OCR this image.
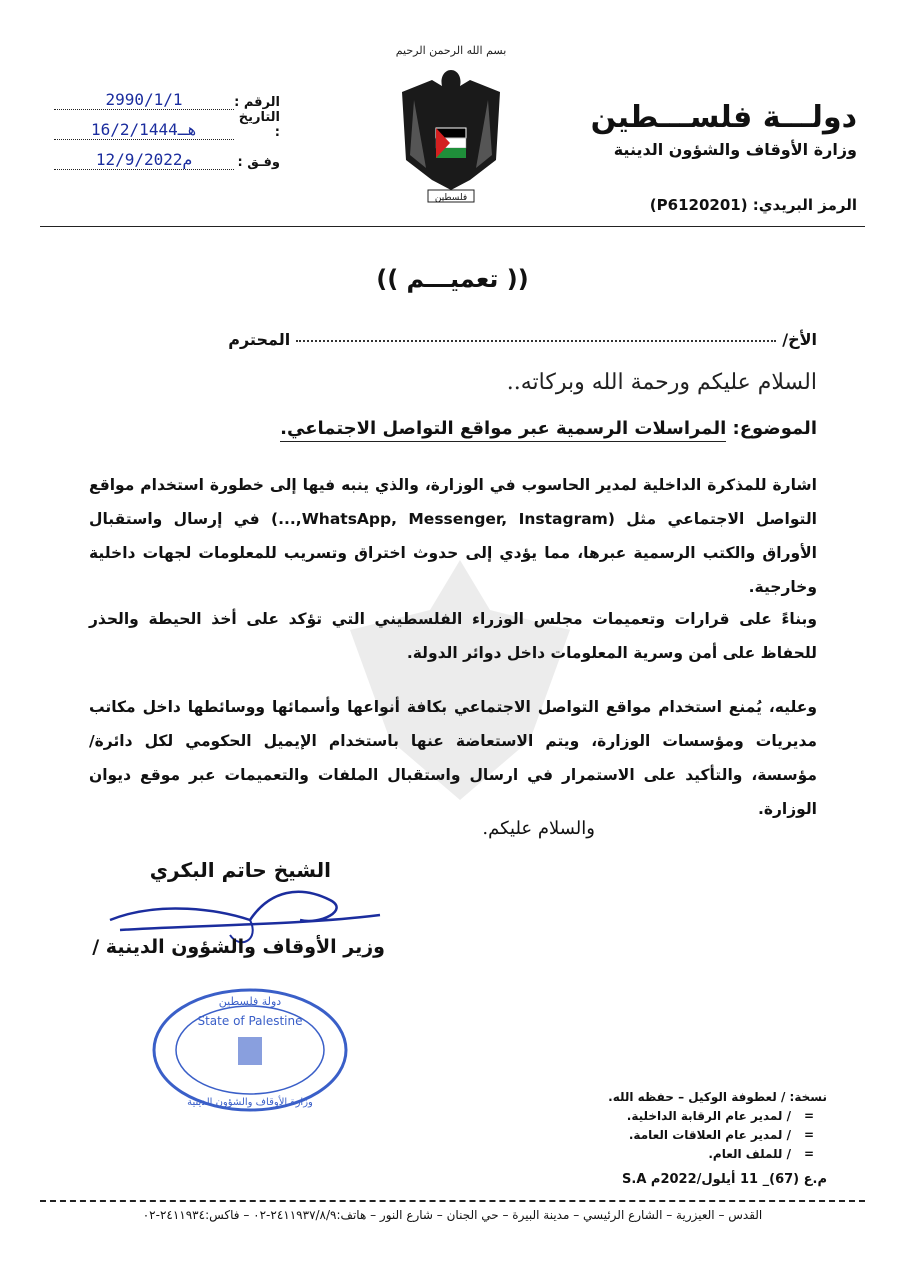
دولـــة فلســـطين
وزارة الأوقاف والشؤون الدينية
الرمز البريدي: (P6120201)
بسم الله الرحمن الرحيم
فلسطين
الرقم :
2990/1/1
التاريخ :
16/2/1444هـ
وفـق :
12/9/2022م
(( تعميـــم ))
الأخ/المحترم
السلام عليكم ورحمة الله وبركاته..
الموضوع: المراسلات الرسمية عبر مواقع التواصل الاجتماعي.
اشارة للمذكرة الداخلية لمدير الحاسوب في الوزارة، والذي ينبه فيها إلى خطورة استخدام مواقع التواصل الاجتماعي مثل (WhatsApp, Messenger, Instagram,...) في إرسال واستقبال الأوراق والكتب الرسمية عبرها، مما يؤدي إلى حدوث اختراق وتسريب للمعلومات لجهات داخلية وخارجية.
وبناءً على قرارات وتعميمات مجلس الوزراء الفلسطيني التي تؤكد على أخذ الحيطة والحذر للحفاظ على أمن وسرية المعلومات داخل دوائر الدولة.
وعليه، يُمنع استخدام مواقع التواصل الاجتماعي بكافة أنواعها وأسمائها ووسائطها داخل مكاتب مديريات ومؤسسات الوزارة، ويتم الاستعاضة عنها باستخدام الإيميل الحكومي لكل دائرة/ مؤسسة، والتأكيد على الاستمرار في ارسال واستقبال الملفات والتعميمات عبر موقع ديوان الوزارة.
والسلام عليكم.
الشيخ حاتم البكري
وزير الأوقاف والشؤون الدينية /
دولة فلسطين
State of Palestine
وزارة الأوقاف والشؤون الدينية	نسخة: / لعطوفة الوكيل – حفظه الله.
=
/ لمدير عام الرقابة الداخلية.
=
/ لمدير عام العلاقات العامة.
=
/ للملف العام.
م.ع (67)_ 11 أيلول/2022م S.A
القدس – العيزرية – الشارع الرئيسي – مدينة البيرة – حي الجنان – شارع النور – هاتف:٢٤١١٩٣٧/٨/٩-٠٢ – فاكس:٢٤١١٩٣٤-٠٢
